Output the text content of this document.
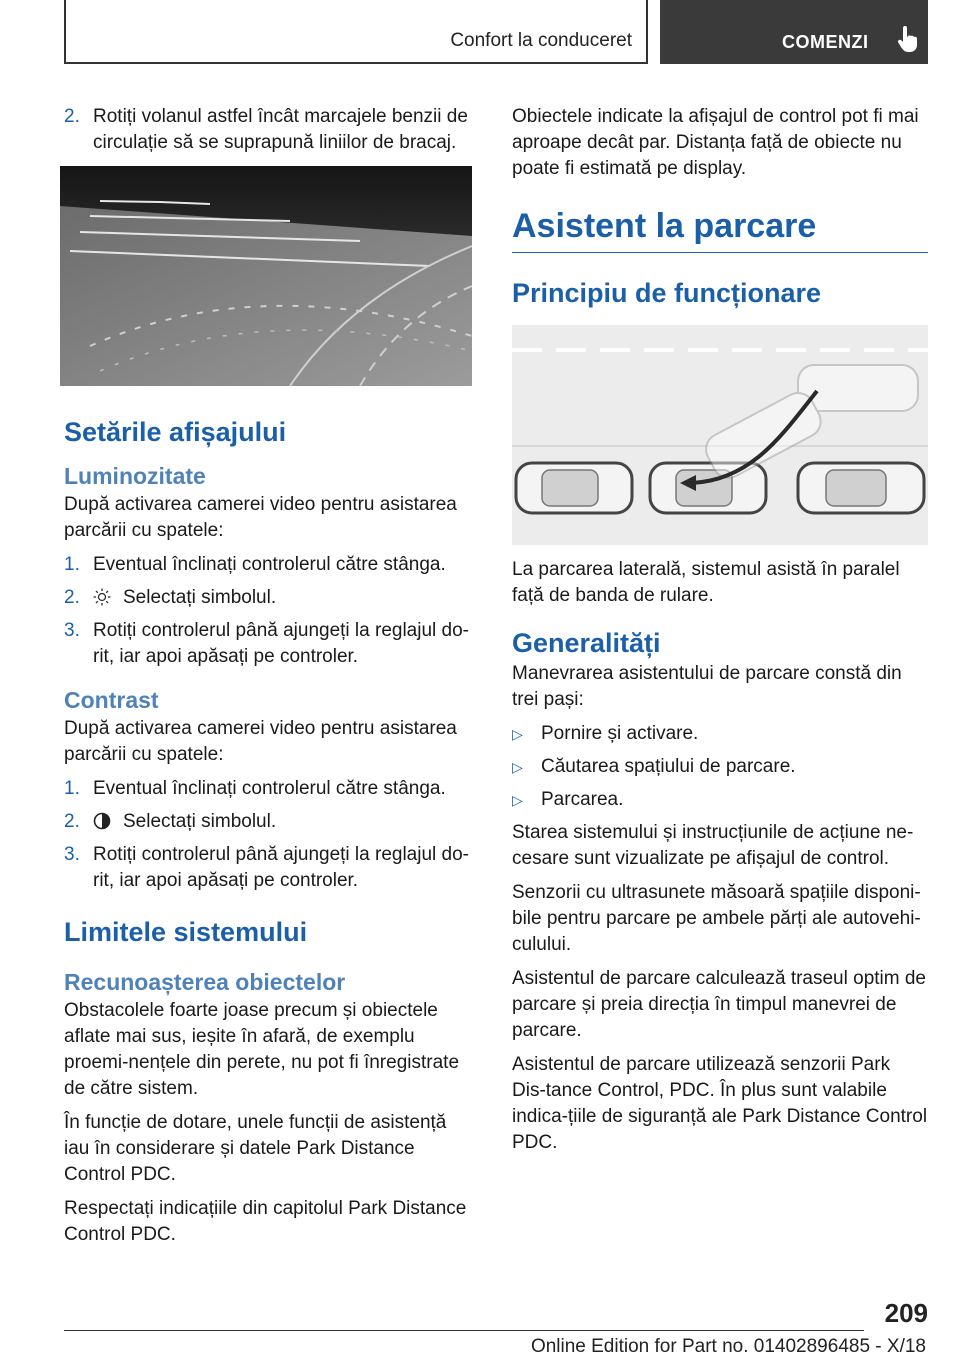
Confort la conduceret	COMENZI
2. Rotiți volanul astfel încât marcajele benzii de circulație să se suprapună liniilor de bracaj.
Setările afișajului
Luminozitate

După activarea camerei video pentru asistarea parcării cu spatele:

1. Eventual înclinați controlerul către stânga.
2. Selectați simbolul.
3. Rotiți controlerul până ajungeți la reglajul do-rit, iar apoi apăsați pe controler.
Contrast

După activarea camerei video pentru asistarea parcării cu spatele:

1. Eventual înclinați controlerul către stânga.
2. Selectați simbolul.
3. Rotiți controlerul până ajungeți la reglajul do-rit, iar apoi apăsați pe controler.
Limitele sistemului
Recunoașterea obiectelor

Obstacolele foarte joase precum și obiectele aflate mai sus, ieșite în afară, de exemplu proemi-nențele din perete, nu pot fi înregistrate de către sistem.

În funcție de dotare, unele funcții de asistență iau în considerare și datele Park Distance Control PDC.

Respectați indicațiile din capitolul Park Distance Control PDC.

Obiectele indicate la afișajul de control pot fi mai aproape decât par. Distanța față de obiecte nu poate fi estimată pe display.

Asistent la parcare
Principiu de funcționare

La parcarea laterală, sistemul asistă în paralel față de banda de rulare.

Generalități

Manevrarea asistentului de parcare constă din trei pași:

▷ Pornire și activare.
▷ Căutarea spațiului de parcare.
▷ Parcarea.

Starea sistemului și instrucțiunile de acțiune ne-cesare sunt vizualizate pe afișajul de control.

Senzorii cu ultrasunete măsoară spațiile disponi-bile pentru parcare pe ambele părți ale autovehi-culului.

Asistentul de parcare calculează traseul optim de parcare și preia direcția în timpul manevrei de parcare.

Asistentul de parcare utilizează senzorii Park Dis-tance Control, PDC. În plus sunt valabile indica-țiile de siguranță ale Park Distance Control PDC.

209
Online Edition for Part no. 01402896485 - X/18
